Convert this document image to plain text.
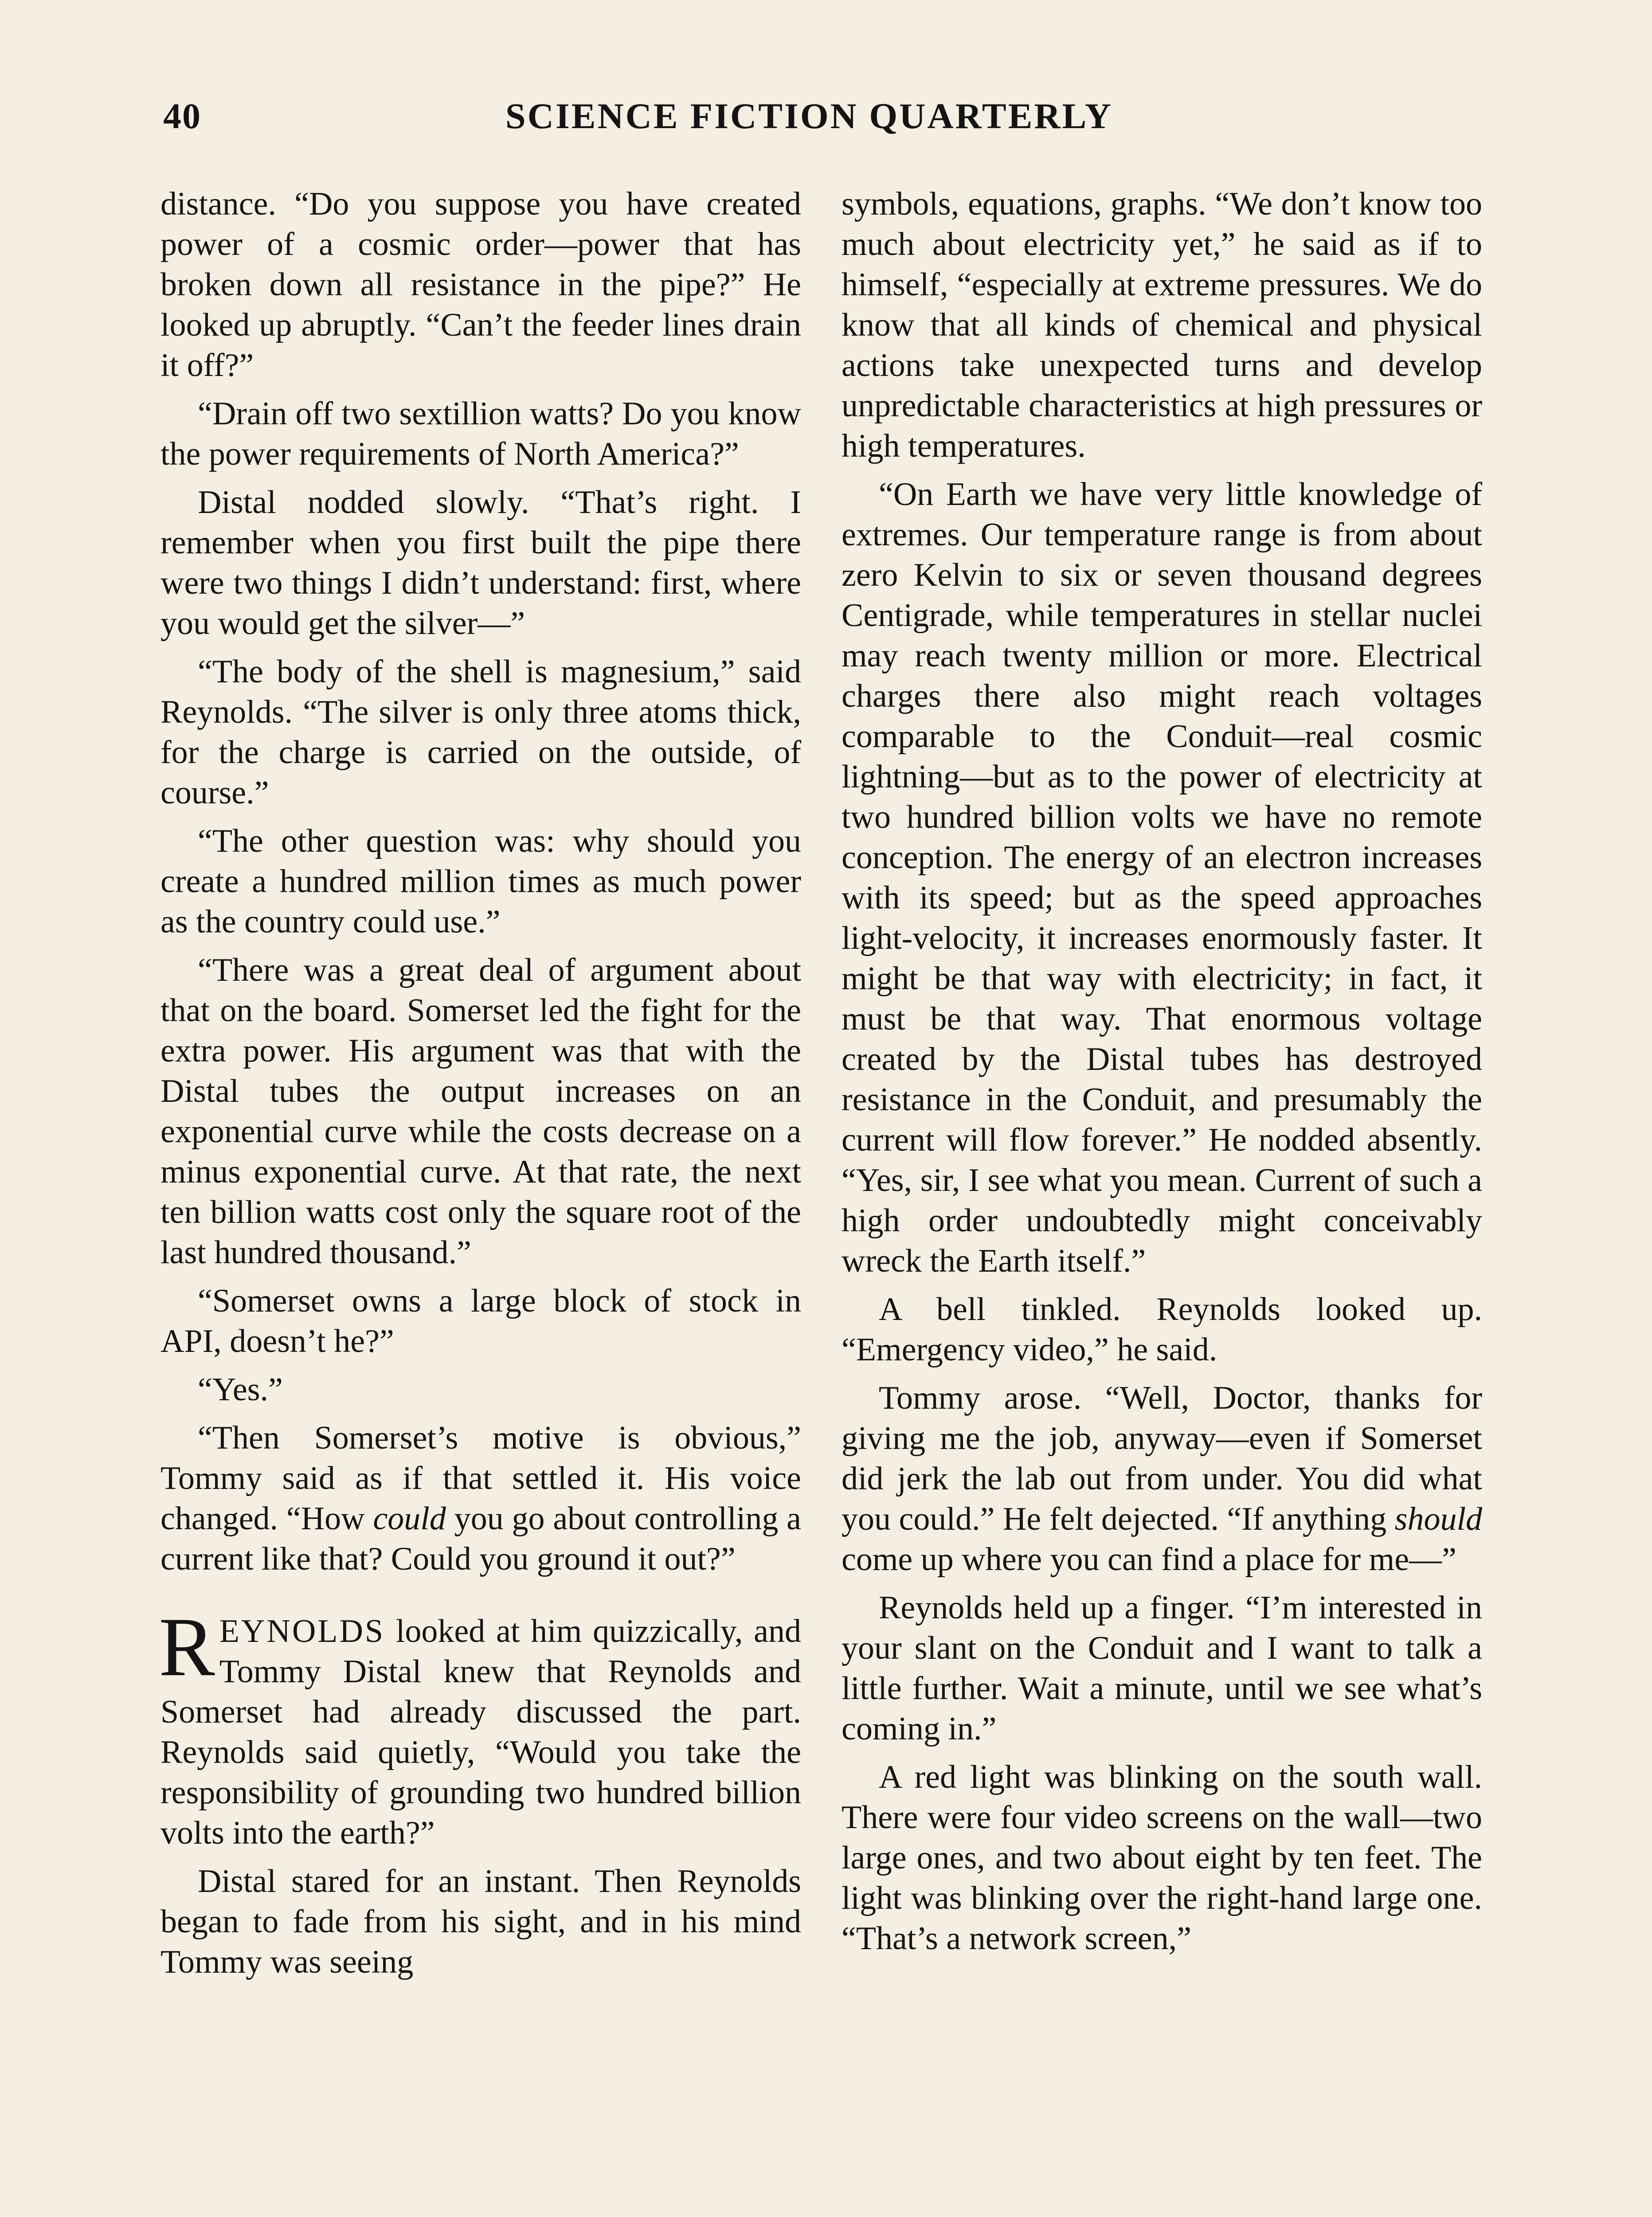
40	SCIENCE FICTION QUARTERLY

distance. “Do you suppose you have created power of a cosmic order—power that has broken down all resistance in the pipe?” He looked up abruptly. “Can’t the feeder lines drain it off?”

“Drain off two sextillion watts? Do you know the power requirements of North America?”

Distal nodded slowly. “That’s right. I remember when you first built the pipe there were two things I didn’t understand: first, where you would get the silver—”

“The body of the shell is magnesium,” said Reynolds. “The silver is only three atoms thick, for the charge is carried on the outside, of course.”

“The other question was: why should you create a hundred million times as much power as the country could use.”

“There was a great deal of argument about that on the board. Somerset led the fight for the extra power. His argument was that with the Distal tubes the output increases on an exponential curve while the costs decrease on a minus exponential curve. At that rate, the next ten billion watts cost only the square root of the last hundred thousand.”

“Somerset owns a large block of stock in API, doesn’t he?”

“Yes.”

“Then Somerset’s motive is obvious,” Tommy said as if that settled it. His voice changed. “How could you go about controlling a current like that? Could you ground it out?”

REYNOLDS looked at him quizzically, and Tommy Distal knew that Reynolds and Somerset had already discussed the part. Reynolds said quietly, “Would you take the responsibility of grounding two hundred billion volts into the earth?”

Distal stared for an instant. Then Reynolds began to fade from his sight, and in his mind Tommy was seeing

symbols, equations, graphs. “We don’t know too much about electricity yet,” he said as if to himself, “especially at extreme pressures. We do know that all kinds of chemical and physical actions take unexpected turns and develop unpredictable characteristics at high pressures or high temperatures.

“On Earth we have very little knowledge of extremes. Our temperature range is from about zero Kelvin to six or seven thousand degrees Centigrade, while temperatures in stellar nuclei may reach twenty million or more. Electrical charges there also might reach voltages comparable to the Conduit—real cosmic lightning—but as to the power of electricity at two hundred billion volts we have no remote conception. The energy of an electron increases with its speed; but as the speed approaches light-velocity, it increases enormously faster. It might be that way with electricity; in fact, it must be that way. That enormous voltage created by the Distal tubes has destroyed resistance in the Conduit, and presumably the current will flow forever.” He nodded absently. “Yes, sir, I see what you mean. Current of such a high order undoubtedly might conceivably wreck the Earth itself.”

A bell tinkled. Reynolds looked up. “Emergency video,” he said.

Tommy arose. “Well, Doctor, thanks for giving me the job, anyway—even if Somerset did jerk the lab out from under. You did what you could.” He felt dejected. “If anything should come up where you can find a place for me—”

Reynolds held up a finger. “I’m interested in your slant on the Conduit and I want to talk a little further. Wait a minute, until we see what’s coming in.”

A red light was blinking on the south wall. There were four video screens on the wall—two large ones, and two about eight by ten feet. The light was blinking over the right-hand large one. “That’s a network screen,”
